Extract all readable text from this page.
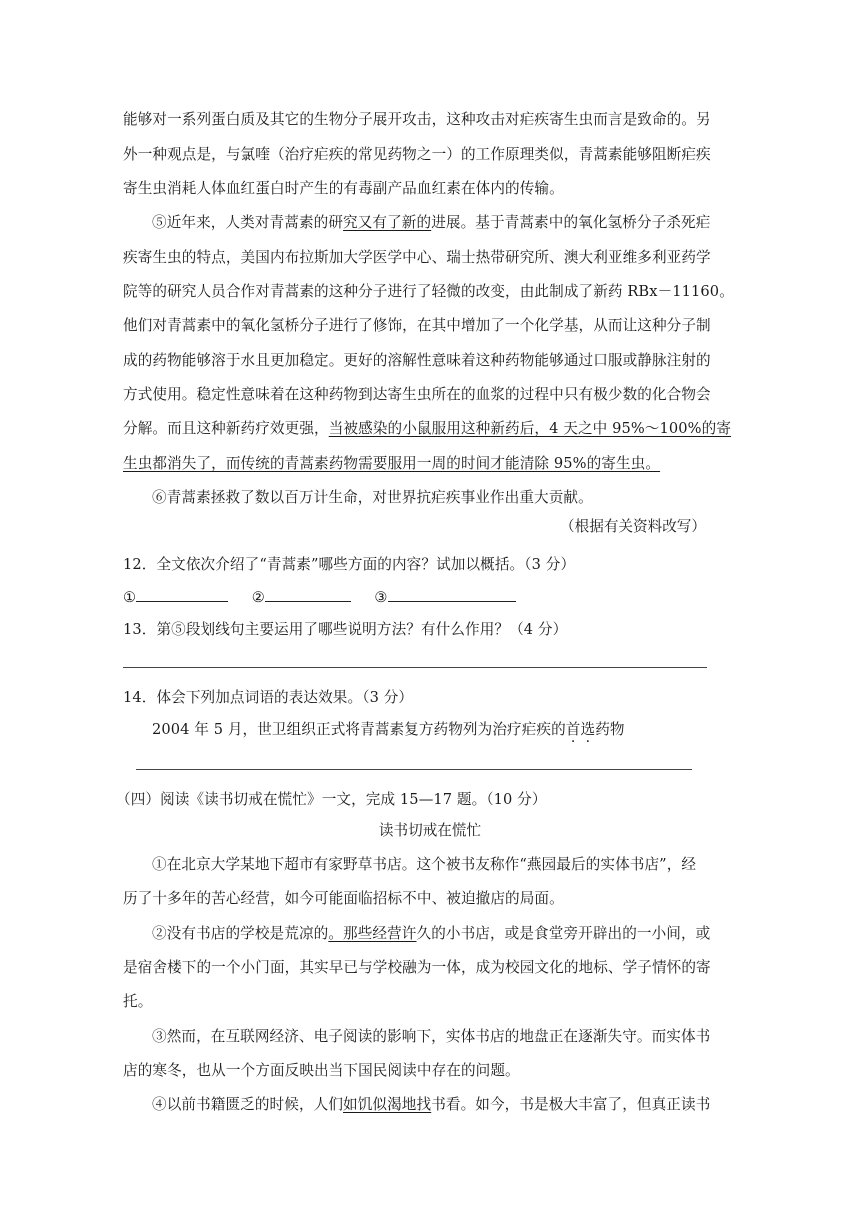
能够对一系列蛋白质及其它的生物分子展开攻击，这种攻击对疟疾寄生虫而言是致命的。另
外一种观点是，与氯喹（治疗疟疾的常见药物之一）的工作原理类似，青蒿素能够阻断疟疾
寄生虫消耗人体血红蛋白时产生的有毒副产品血红素在体内的传输。
⑤近年来，人类对青蒿素的研究又有了新的进展。基于青蒿素中的氧化氢桥分子杀死疟
疾寄生虫的特点，美国内布拉斯加大学医学中心、瑞士热带研究所、澳大利亚维多利亚药学
院等的研究人员合作对青蒿素的这种分子进行了轻微的改变，由此制成了新药 RBx－11160。
他们对青蒿素中的氧化氢桥分子进行了修饰，在其中增加了一个化学基，从而让这种分子制
成的药物能够溶于水且更加稳定。更好的溶解性意味着这种药物能够通过口服或静脉注射的
方式使用。稳定性意味着在这种药物到达寄生虫所在的血浆的过程中只有极少数的化合物会
分解。而且这种新药疗效更强，当被感染的小鼠服用这种新药后，4 天之中 95%～100%的寄
生虫都消失了，而传统的青蒿素药物需要服用一周的时间才能清除 95%的寄生虫。
⑥青蒿素拯救了数以百万计生命，对世界抗疟疾事业作出重大贡献。
（根据有关资料改写）
12．全文依次介绍了“青蒿素”哪些方面的内容？试加以概括。（3 分）
①	②	③
13．第⑤段划线句主要运用了哪些说明方法？有什么作用？（4 分）
14．体会下列加点词语的表达效果。（3 分）
2004 年 5 月，世卫组织正式将青蒿素复方药物列为治疗疟疾的首选药物
（四）阅读《读书切戒在慌忙》一文，完成 15—17 题。（10 分）
读书切戒在慌忙
①在北京大学某地下超市有家野草书店。这个被书友称作“燕园最后的实体书店”，经
历了十多年的苦心经营，如今可能面临招标不中、被迫撤店的局面。
②没有书店的学校是荒凉的。那些经营许久的小书店，或是食堂旁开辟出的一小间，或
是宿舍楼下的一个小门面，其实早已与学校融为一体，成为校园文化的地标、学子情怀的寄
托。
③然而，在互联网经济、电子阅读的影响下，实体书店的地盘正在逐渐失守。而实体书
店的寒冬，也从一个方面反映出当下国民阅读中存在的问题。
④以前书籍匮乏的时候，人们如饥似渴地找书看。如今，书是极大丰富了，但真正读书
